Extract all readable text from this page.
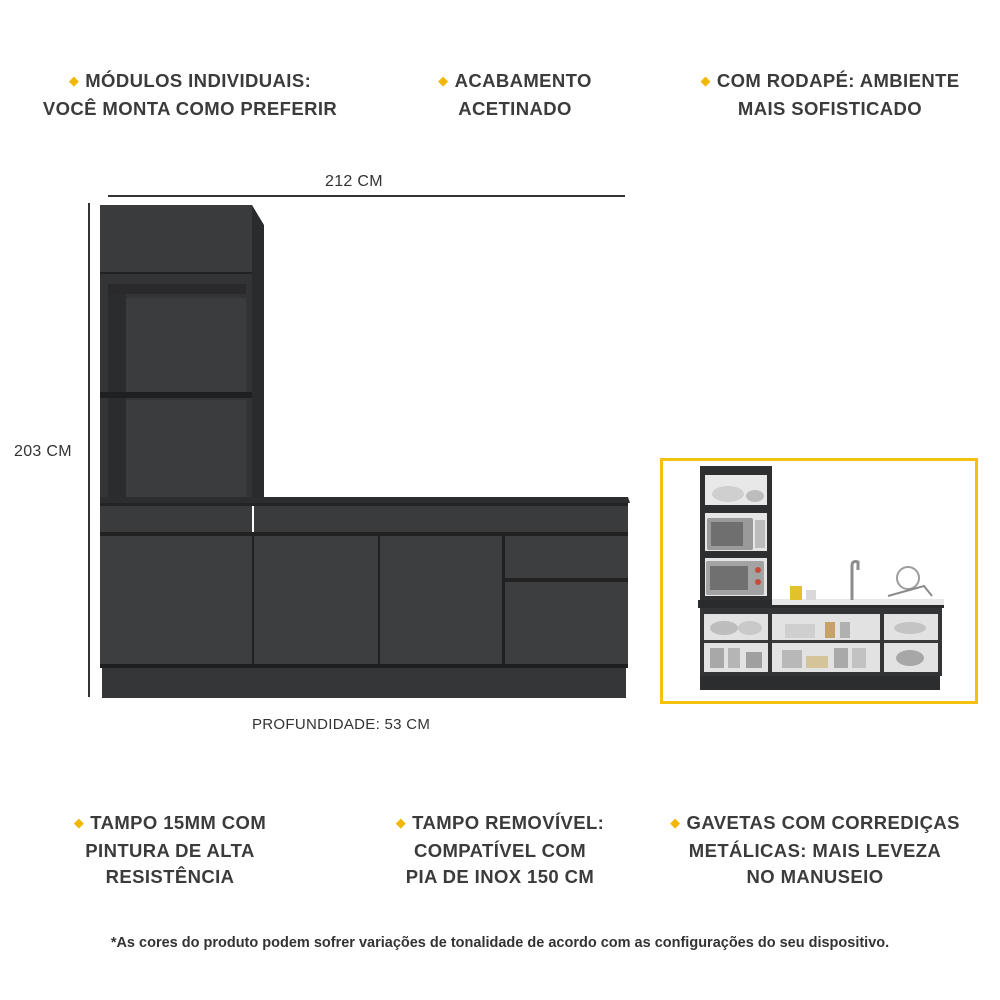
◆ MÓDULOS INDIVIDUAIS:
VOCÊ MONTA COMO PREFERIR
◆ ACABAMENTO
ACETINADO
◆ COM RODAPÉ: AMBIENTE
MAIS SOFISTICADO
212 CM
203 CM
PROFUNDIDADE: 53 CM
◆ TAMPO 15MM COM
PINTURA DE ALTA
RESISTÊNCIA
◆ TAMPO REMOVÍVEL:
COMPATÍVEL COM
PIA DE INOX 150 CM
◆ GAVETAS COM CORREDIÇAS
METÁLICAS: MAIS LEVEZA
NO MANUSEIO
*As cores do produto podem sofrer variações de tonalidade de acordo com as configurações do seu dispositivo.
